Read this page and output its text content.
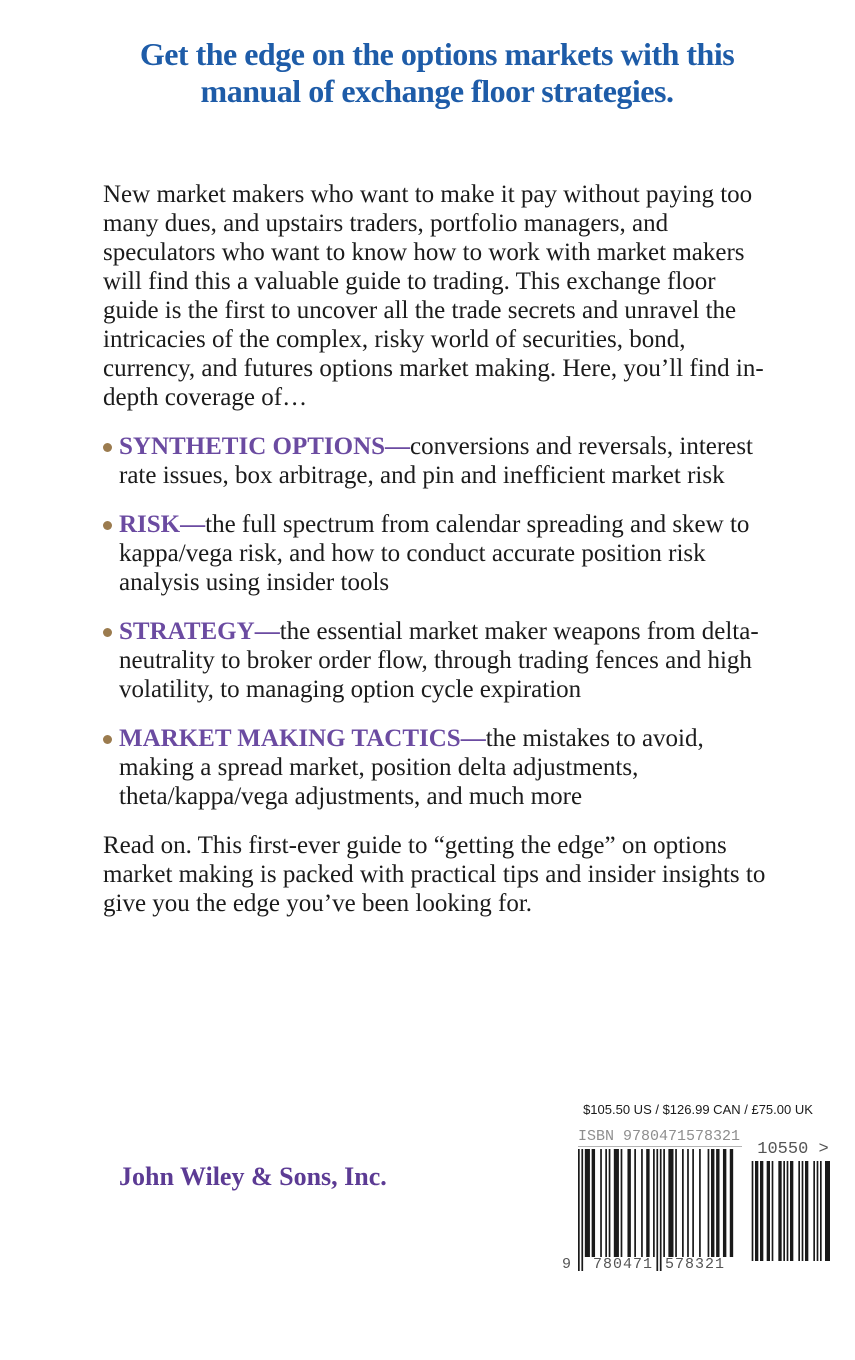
Get the edge on the options markets with this
manual of exchange floor strategies.

New market makers who want to make it pay without paying too many dues, and upstairs traders, portfolio managers, and speculators who want to know how to work with market makers will find this a valuable guide to trading. This exchange floor guide is the first to uncover all the trade secrets and unravel the intricacies of the complex, risky world of securities, bond, currency, and futures options market making. Here, you’ll find in-depth coverage of…

SYNTHETIC OPTIONS—conversions and reversals, interest rate issues, box arbitrage, and pin and inefficient market risk

RISK—the full spectrum from calendar spreading and skew to kappa/vega risk, and how to conduct accurate position risk analysis using insider tools

STRATEGY—the essential market maker weapons from delta-neutrality to broker order flow, through trading fences and high volatility, to managing option cycle expiration

MARKET MAKING TACTICS—the mistakes to avoid, making a spread market, position delta adjustments, theta/kappa/vega adjustments, and much more

Read on. This first-ever guide to “getting the edge” on options market making is packed with practical tips and insider insights to give you the edge you’ve been looking for.

John Wiley & Sons, Inc.
$105.50 US / $126.99 CAN / £75.00 UK
ISBN 9780471578321
9 780471 578321
10550 >
